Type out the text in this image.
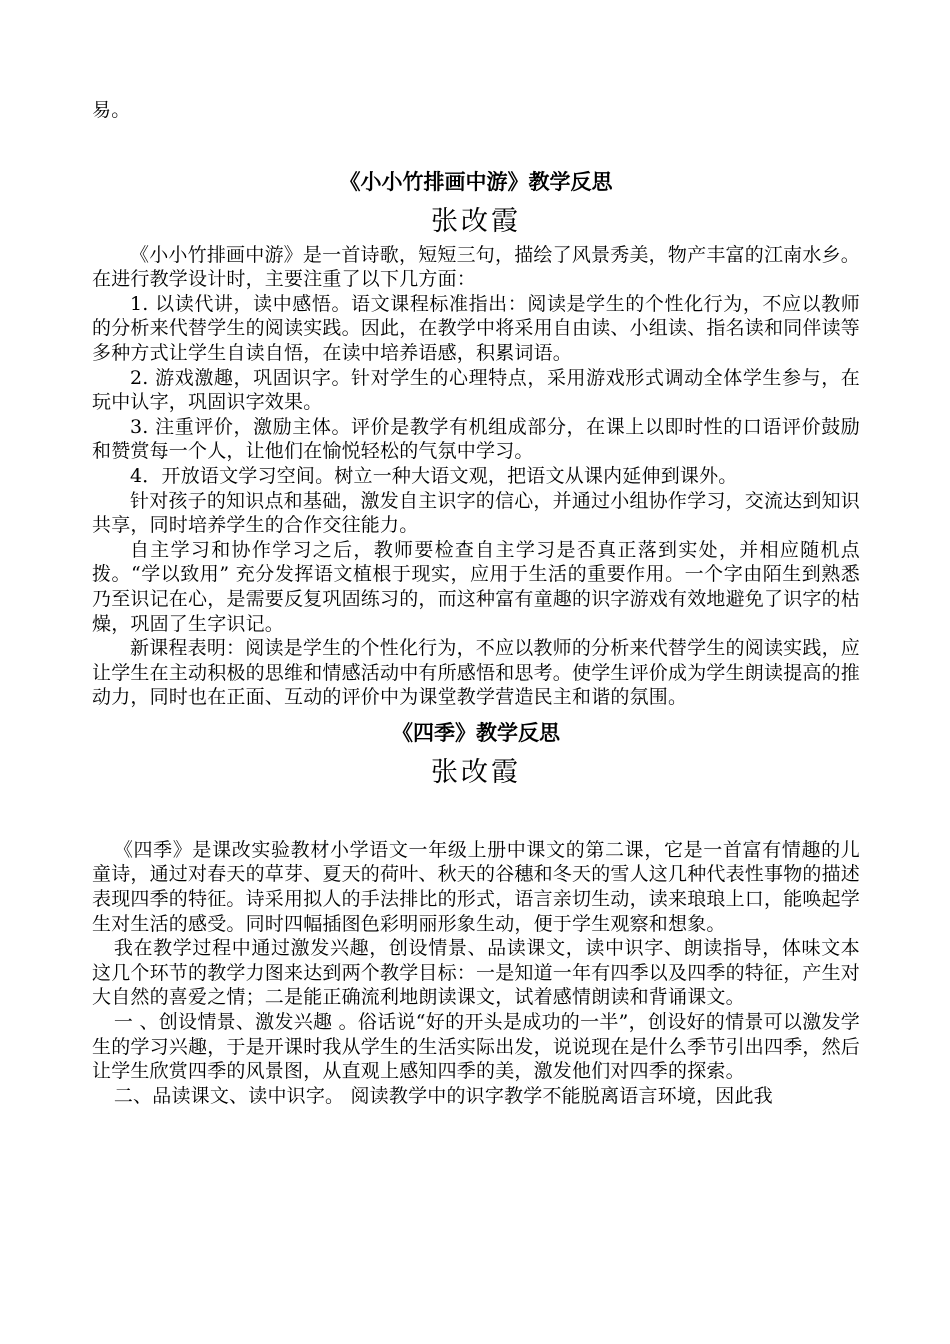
易。

《小小竹排画中游》教学反思
张改霞

《小小竹排画中游》是一首诗歌，短短三句，描绘了风景秀美，物产丰富的江南水乡。在进行教学设计时，主要注重了以下几方面：

1. 以读代讲，读中感悟。语文课程标准指出：阅读是学生的个性化行为，不应以教师的分析来代替学生的阅读实践。因此，在教学中将采用自由读、小组读、指名读和同伴读等多种方式让学生自读自悟，在读中培养语感，积累词语。

2. 游戏激趣，巩固识字。针对学生的心理特点，采用游戏形式调动全体学生参与，在玩中认字，巩固识字效果。

3. 注重评价，激励主体。评价是教学有机组成部分，在课上以即时性的口语评价鼓励和赞赏每一个人，让他们在愉悦轻松的气氛中学习。

4．开放语文学习空间。树立一种大语文观，把语文从课内延伸到课外。

针对孩子的知识点和基础，激发自主识字的信心，并通过小组协作学习，交流达到知识共享，同时培养学生的合作交往能力。

自主学习和协作学习之后，教师要检查自主学习是否真正落到实处，并相应随机点拨。“学以致用” 充分发挥语文植根于现实，应用于生活的重要作用。一个字由陌生到熟悉乃至识记在心，是需要反复巩固练习的，而这种富有童趣的识字游戏有效地避免了识字的枯燥，巩固了生字识记。

新课程表明：阅读是学生的个性化行为，不应以教师的分析来代替学生的阅读实践，应让学生在主动积极的思维和情感活动中有所感悟和思考。使学生评价成为学生朗读提高的推动力，同时也在正面、互动的评价中为课堂教学营造民主和谐的氛围。

《四季》教学反思
张改霞

《四季》是课改实验教材小学语文一年级上册中课文的第二课，它是一首富有情趣的儿童诗，通过对春天的草芽、夏天的荷叶、秋天的谷穗和冬天的雪人这几种代表性事物的描述表现四季的特征。诗采用拟人的手法排比的形式，语言亲切生动，读来琅琅上口，能唤起学生对生活的感受。同时四幅插图色彩明丽形象生动，便于学生观察和想象。

我在教学过程中通过激发兴趣，创设情景、品读课文，读中识字、朗读指导，体味文本这几个环节的教学力图来达到两个教学目标：一是知道一年有四季以及四季的特征，产生对大自然的喜爱之情；二是能正确流利地朗读课文，试着感情朗读和背诵课文。

一 、创设情景、激发兴趣 。俗话说“好的开头是成功的一半”，创设好的情景可以激发学生的学习兴趣，于是开课时我从学生的生活实际出发，说说现在是什么季节引出四季，然后让学生欣赏四季的风景图，从直观上感知四季的美，激发他们对四季的探索。

二、品读课文、读中识字。 阅读教学中的识字教学不能脱离语言环境，因此我
